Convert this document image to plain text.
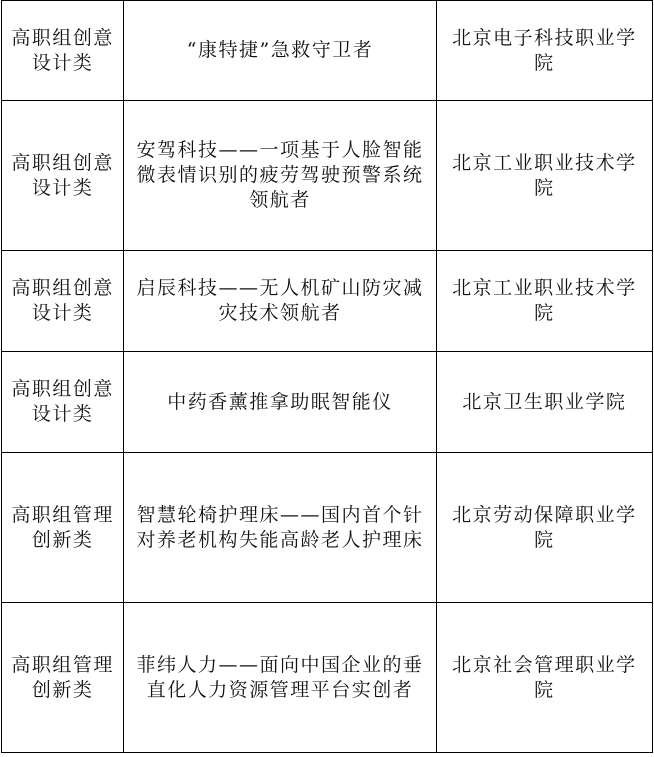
高职组创意设计类	“康特捷”急救守卫者	北京电子科技职业学院

高职组创意设计类	安驾科技——一项基于人脸智能微表情识别的疲劳驾驶预警系统领航者	北京工业职业技术学院

高职组创意设计类	启辰科技——无人机矿山防灾减灾技术领航者	北京工业职业技术学院

高职组创意设计类	中药香薰推拿助眠智能仪	北京卫生职业学院

高职组管理创新类	智慧轮椅护理床——国内首个针对养老机构失能高龄老人护理床	北京劳动保障职业学院

高职组管理创新类	菲纬人力——面向中国企业的垂直化人力资源管理平台实创者	北京社会管理职业学院
